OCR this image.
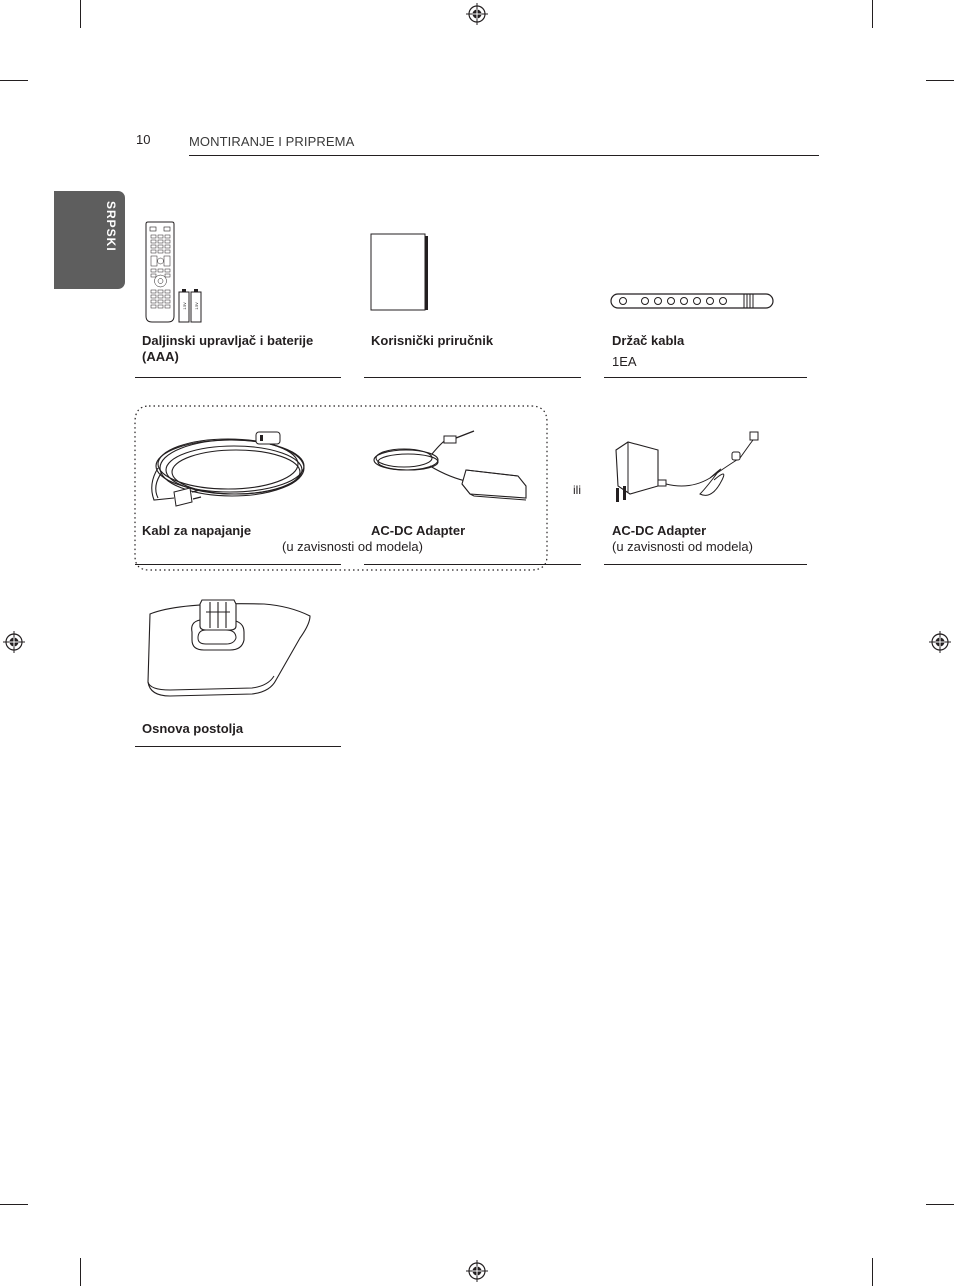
10	MONTIRANJE I PRIPREMA
SRPSKI
1.5V 1.5V
Daljinski upravljač i baterije (AAA)
Korisnički priručnik	Držač kabla
1EA
Kabl za napajanje	AC-DC Adapter
(u zavisnosti od modela)
ili
AC-DC Adapter
(u zavisnosti od modela)
Osnova postolja
